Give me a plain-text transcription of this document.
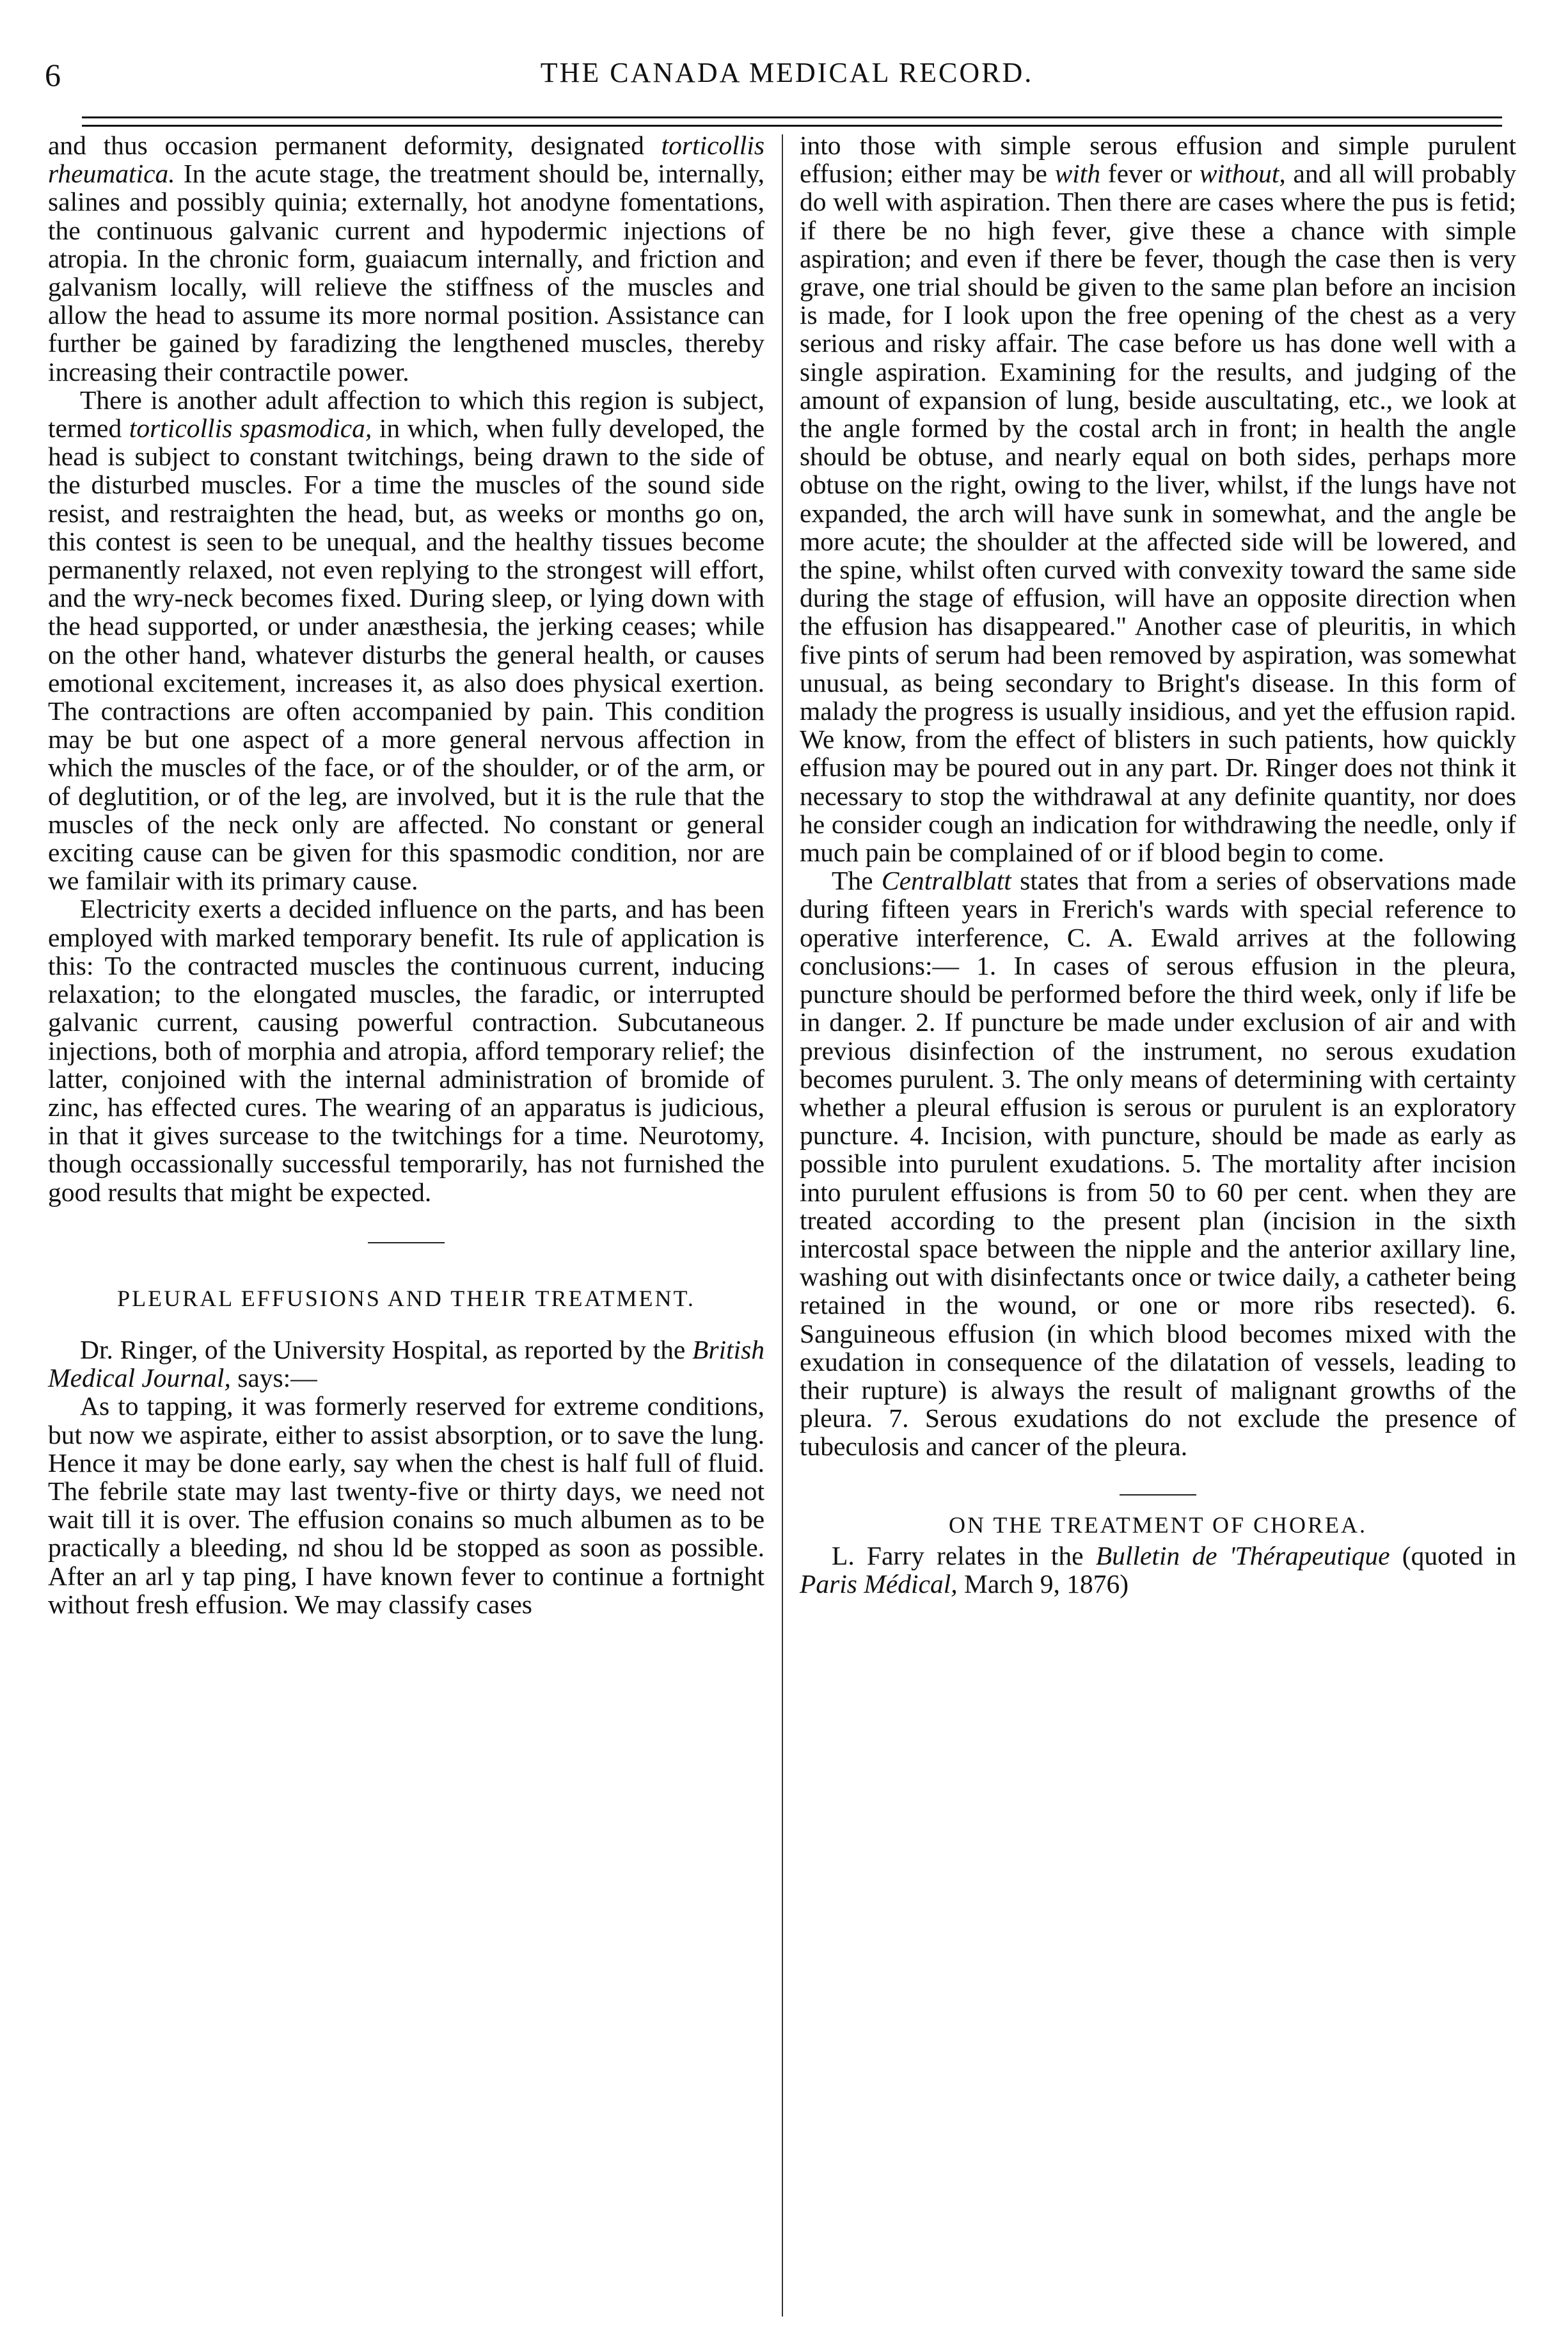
6	THE CANADA MEDICAL RECORD.

and thus occasion permanent deformity, designated torticollis rheumatica. In the acute stage, the treatment should be, internally, salines and possibly quinia; externally, hot anodyne fomentations, the continuous galvanic current and hypodermic injections of atropia. In the chronic form, guaiacum internally, and friction and galvanism locally, will relieve the stiffness of the muscles and allow the head to assume its more normal position. Assistance can further be gained by faradizing the lengthened muscles, thereby increasing their contractile power.

There is another adult affection to which this region is subject, termed torticollis spasmodica, in which, when fully developed, the head is subject to constant twitchings, being drawn to the side of the disturbed muscles. For a time the muscles of the sound side resist, and restraighten the head, but, as weeks or months go on, this contest is seen to be unequal, and the healthy tissues become permanently relaxed, not even replying to the strongest will effort, and the wry-neck becomes fixed. During sleep, or lying down with the head supported, or under anæsthesia, the jerking ceases; while on the other hand, whatever disturbs the general health, or causes emotional excitement, increases it, as also does physical exertion. The contractions are often accompanied by pain. This condition may be but one aspect of a more general nervous affection in which the muscles of the face, or of the shoulder, or of the arm, or of deglutition, or of the leg, are involved, but it is the rule that the muscles of the neck only are affected. No constant or general exciting cause can be given for this spasmodic condition, nor are we familair with its primary cause.

Electricity exerts a decided influence on the parts, and has been employed with marked temporary benefit. Its rule of application is this: To the contracted muscles the continuous current, inducing relaxation; to the elongated muscles, the faradic, or interrupted galvanic current, causing powerful contraction. Subcutaneous injections, both of morphia and atropia, afford temporary relief; the latter, conjoined with the internal administration of bromide of zinc, has effected cures. The wearing of an apparatus is judicious, in that it gives surcease to the twitchings for a time. Neurotomy, though occassionally successful temporarily, has not furnished the good results that might be expected.

PLEURAL EFFUSIONS AND THEIR TREATMENT.

Dr. Ringer, of the University Hospital, as reported by the British Medical Journal, says:—

As to tapping, it was formerly reserved for extreme conditions, but now we aspirate, either to assist absorption, or to save the lung. Hence it may be done early, say when the chest is half full of fluid. The febrile state may last twenty-five or thirty days, we need not wait till it is over. The effusion conains so much albumen as to be practically a bleeding, nd shou ld be stopped as soon as possible. After an arl y tap ping, I have known fever to continue a fortnight without fresh effusion. We may classify cases

into those with simple serous effusion and simple purulent effusion; either may be with fever or without, and all will probably do well with aspiration. Then there are cases where the pus is fetid; if there be no high fever, give these a chance with simple aspiration; and even if there be fever, though the case then is very grave, one trial should be given to the same plan before an incision is made, for I look upon the free opening of the chest as a very serious and risky affair. The case before us has done well with a single aspiration. Examining for the results, and judging of the amount of expansion of lung, beside auscultating, etc., we look at the angle formed by the costal arch in front; in health the angle should be obtuse, and nearly equal on both sides, perhaps more obtuse on the right, owing to the liver, whilst, if the lungs have not expanded, the arch will have sunk in somewhat, and the angle be more acute; the shoulder at the affected side will be lowered, and the spine, whilst often curved with convexity toward the same side during the stage of effusion, will have an opposite direction when the effusion has disappeared." Another case of pleuritis, in which five pints of serum had been removed by aspiration, was somewhat unusual, as being secondary to Bright's disease. In this form of malady the progress is usually insidious, and yet the effusion rapid. We know, from the effect of blisters in such patients, how quickly effusion may be poured out in any part. Dr. Ringer does not think it necessary to stop the withdrawal at any definite quantity, nor does he consider cough an indication for withdrawing the needle, only if much pain be complained of or if blood begin to come.

The Centralblatt states that from a series of observations made during fifteen years in Frerich's wards with special reference to operative interference, C. A. Ewald arrives at the following conclusions:— 1. In cases of serous effusion in the pleura, puncture should be performed before the third week, only if life be in danger. 2. If puncture be made under exclusion of air and with previous disinfection of the instrument, no serous exudation becomes purulent. 3. The only means of determining with certainty whether a pleural effusion is serous or purulent is an exploratory puncture. 4. Incision, with puncture, should be made as early as possible into purulent exudations. 5. The mortality after incision into purulent effusions is from 50 to 60 per cent. when they are treated according to the present plan (incision in the sixth intercostal space between the nipple and the anterior axillary line, washing out with disinfectants once or twice daily, a catheter being retained in the wound, or one or more ribs resected). 6. Sanguineous effusion (in which blood becomes mixed with the exudation in consequence of the dilatation of vessels, leading to their rupture) is always the result of malignant growths of the pleura. 7. Serous exudations do not exclude the presence of tubeculosis and cancer of the pleura.

ON THE TREATMENT OF CHOREA.

L. Farry relates in the Bulletin de 'Thérapeutique (quoted in Paris Médical, March 9, 1876)
